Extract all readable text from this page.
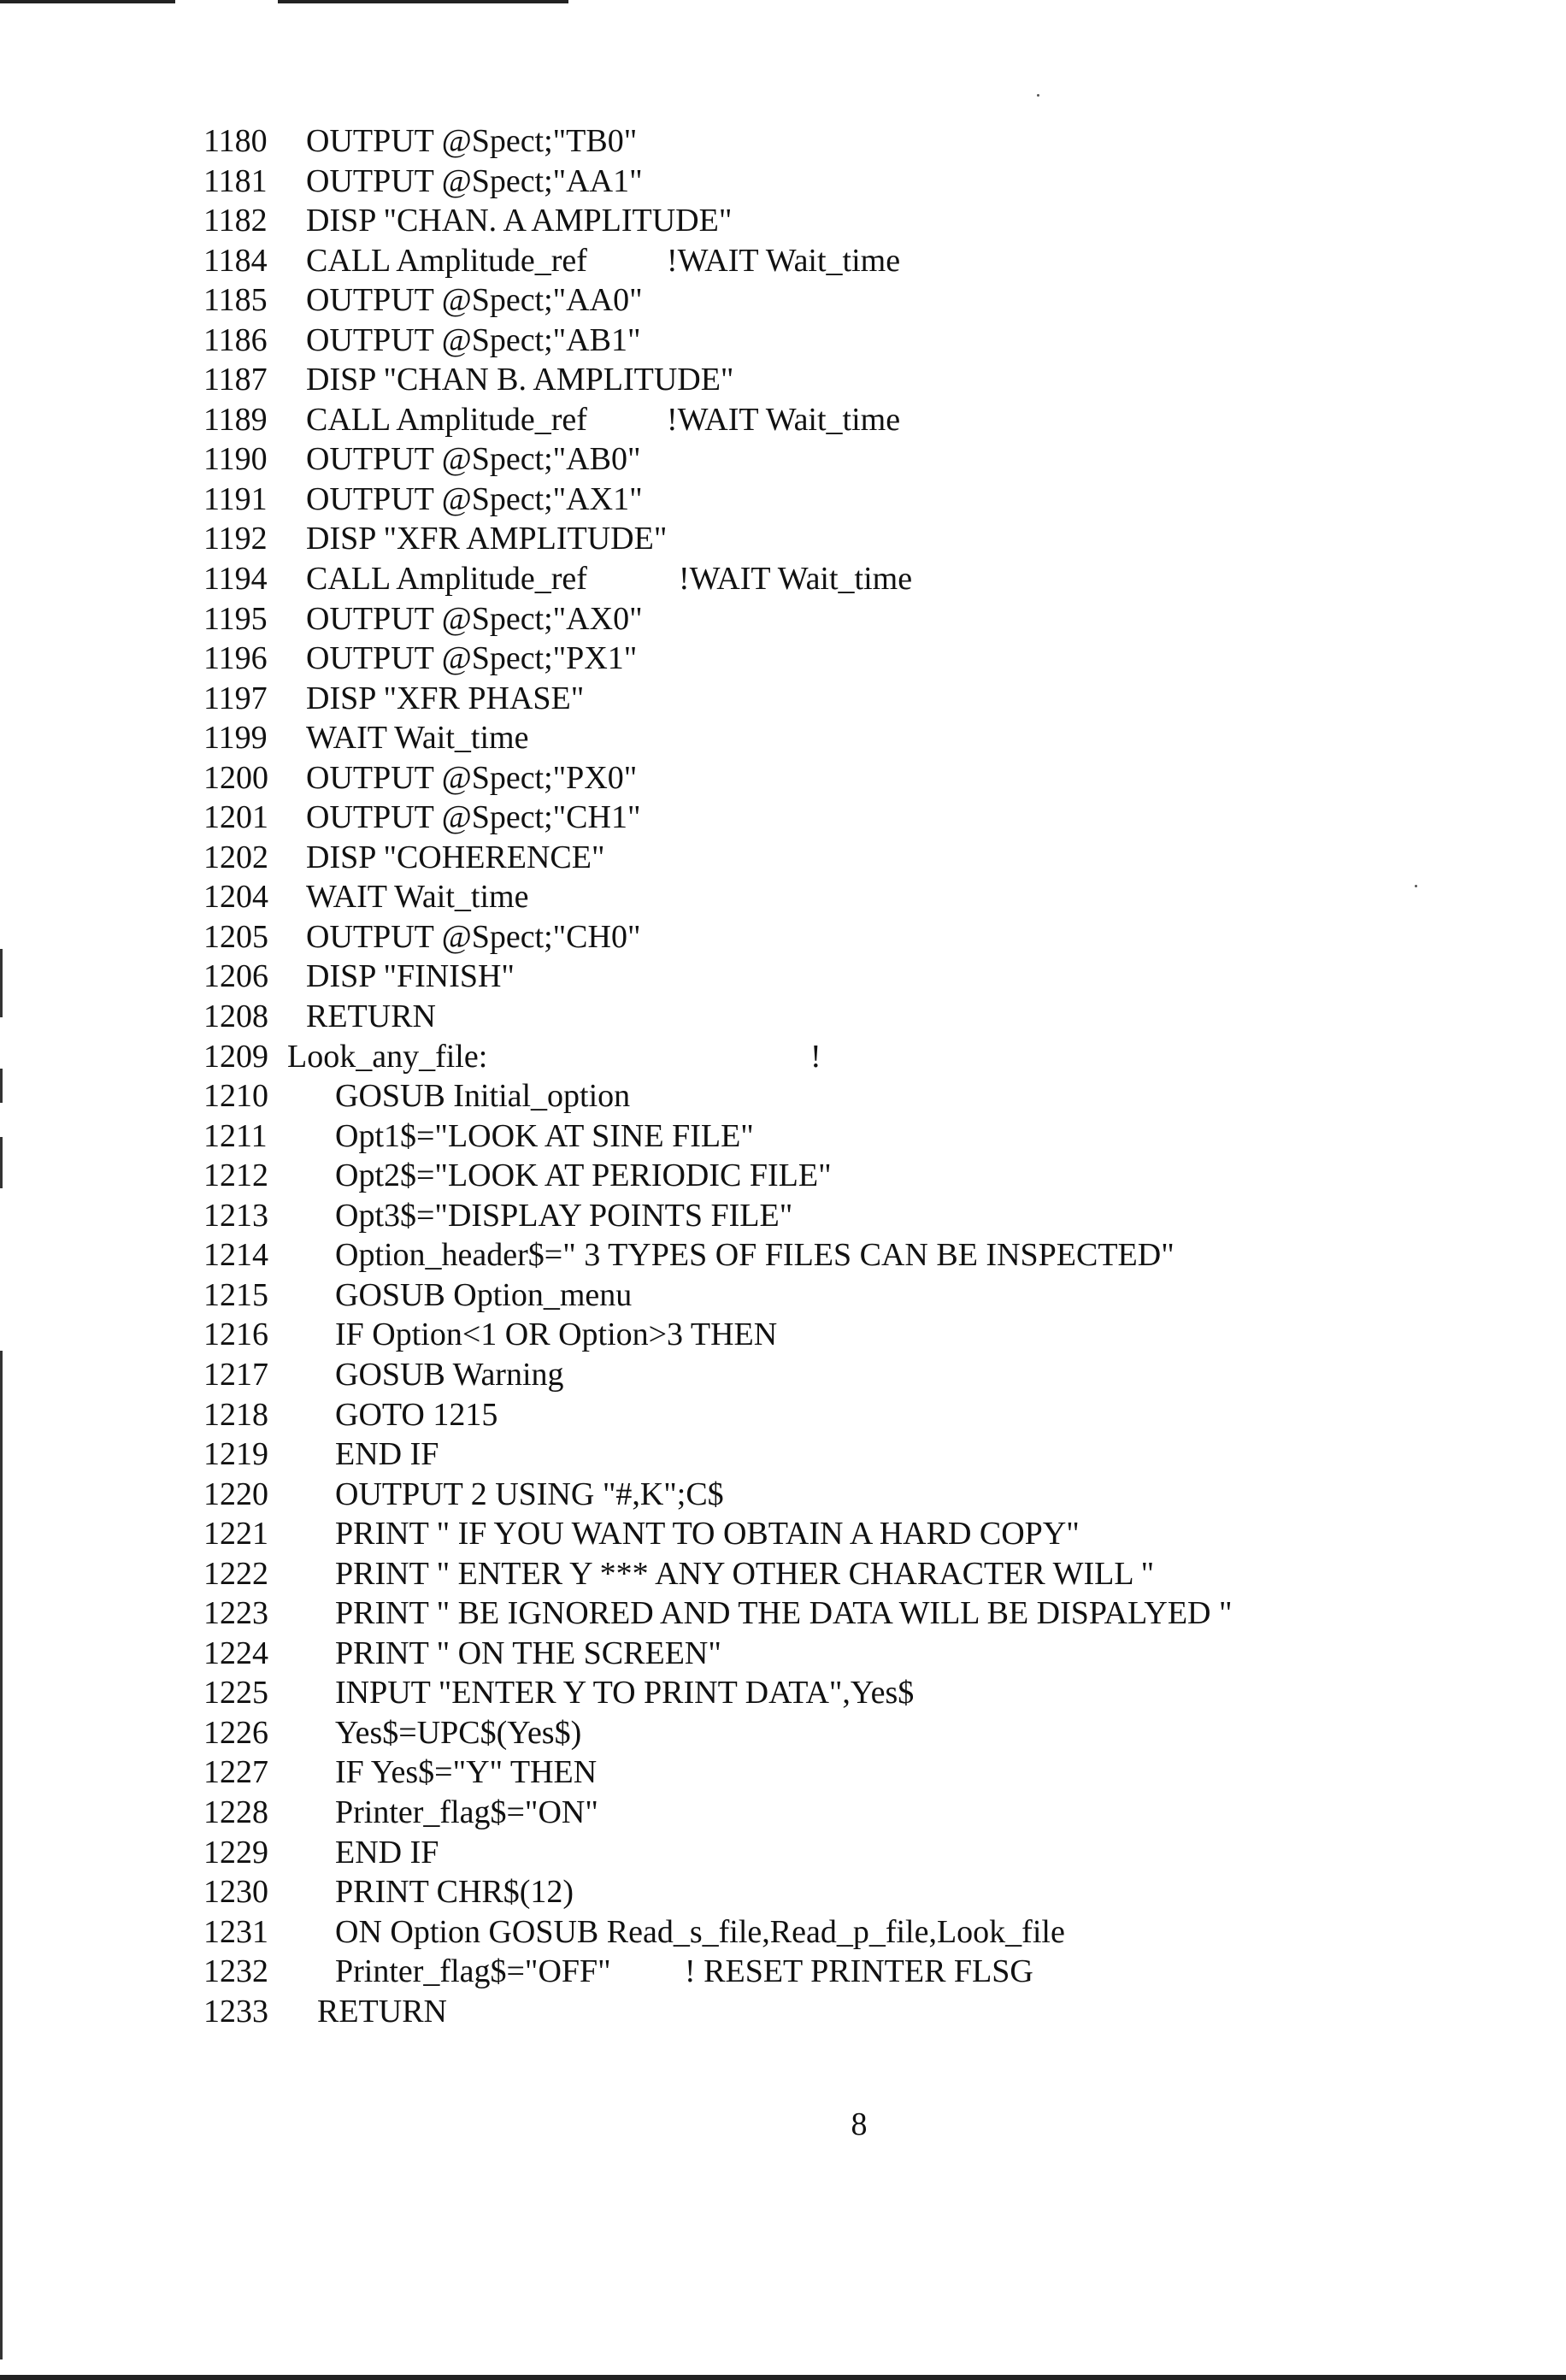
1180 OUTPUT @Spect;"TB0"
1181 OUTPUT @Spect;"AA1"
1182 DISP "CHAN. A AMPLITUDE"
1184 CALL Amplitude_ref !WAIT Wait_time
1185 OUTPUT @Spect;"AA0"
1186 OUTPUT @Spect;"AB1"
1187 DISP "CHAN B. AMPLITUDE"
1189 CALL Amplitude_ref !WAIT Wait_time
1190 OUTPUT @Spect;"AB0"
1191 OUTPUT @Spect;"AX1"
1192 DISP "XFR AMPLITUDE"
1194 CALL Amplitude_ref	!WAIT Wait_time
1195 OUTPUT @Spect;"AX0"
1196 OUTPUT @Spect;"PX1"
1197 DISP "XFR PHASE"
1199 WAIT Wait_time
1200 OUTPUT @Spect;"PX0"
1201 OUTPUT @Spect;"CH1"
1202 DISP "COHERENCE"
1204 WAIT Wait_time
1205 OUTPUT @Spect;"CH0"
1206 DISP "FINISH"
1208 RETURN
1209 Look_any_file:	!
1210 GOSUB Initial_option
1211 Opt1$="LOOK AT SINE FILE"
1212 Opt2$="LOOK AT PERIODIC FILE"
1213 Opt3$="DISPLAY POINTS FILE"
1214 Option_header$=" 3 TYPES OF FILES CAN BE INSPECTED"
1215 GOSUB Option_menu
1216 IF Option<1 OR Option>3 THEN
1217 GOSUB Warning
1218 GOTO 1215
1219 END IF
1220 OUTPUT 2 USING "#,K";C$
1221 PRINT " IF YOU WANT TO OBTAIN A HARD COPY"
1222 PRINT " ENTER Y *** ANY OTHER CHARACTER WILL "
1223 PRINT " BE IGNORED AND THE DATA WILL BE DISPALYED "
1224 PRINT " ON THE SCREEN"
1225 INPUT "ENTER Y TO PRINT DATA",Yes$
1226 Yes$=UPC$(Yes$)
1227 IF Yes$="Y" THEN
1228 Printer_flag$="ON"
1229 END IF
1230 PRINT CHR$(12)
1231 ON Option GOSUB Read_s_file,Read_p_file,Look_file
1232 Printer_flag$="OFF" ! RESET PRINTER FLSG
1233 RETURN
8
